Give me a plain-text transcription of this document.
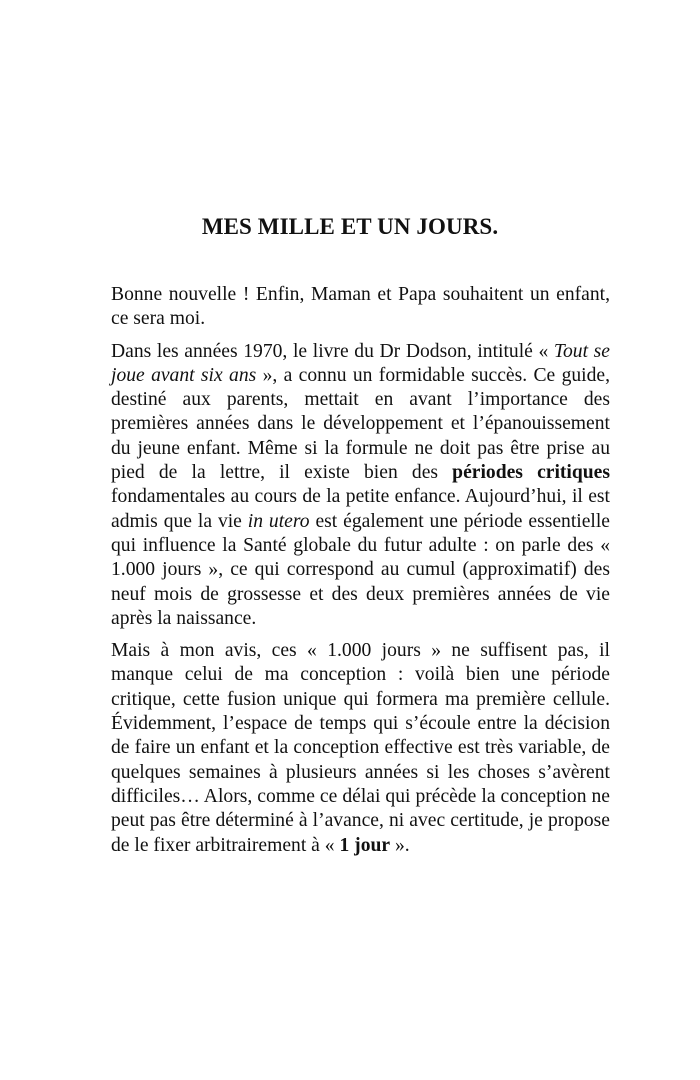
MES MILLE ET UN JOURS.

Bonne nouvelle ! Enfin, Maman et Papa souhaitent un enfant, ce sera moi.

Dans les années 1970, le livre du Dr Dodson, intitulé « Tout se joue avant six ans », a connu un formidable succès. Ce guide, destiné aux parents, mettait en avant l’importance des premières années dans le développement et l’épanouissement du jeune enfant. Même si la formule ne doit pas être prise au pied de la lettre, il existe bien des périodes critiques fondamentales au cours de la petite enfance. Aujourd’hui, il est admis que la vie in utero est également une période essentielle qui influence la Santé globale du futur adulte : on parle des « 1.000 jours », ce qui correspond au cumul (approximatif) des neuf mois de grossesse et des deux premières années de vie après la naissance.

Mais à mon avis, ces « 1.000 jours » ne suffisent pas, il manque celui de ma conception : voilà bien une période critique, cette fusion unique qui formera ma première cellule. Évidemment, l’espace de temps qui s’écoule entre la décision de faire un enfant et la conception effective est très variable, de quelques semaines à plusieurs années si les choses s’avèrent difficiles… Alors, comme ce délai qui précède la conception ne peut pas être déterminé à l’avance, ni avec certitude, je propose de le fixer arbitrairement à « 1 jour ».
